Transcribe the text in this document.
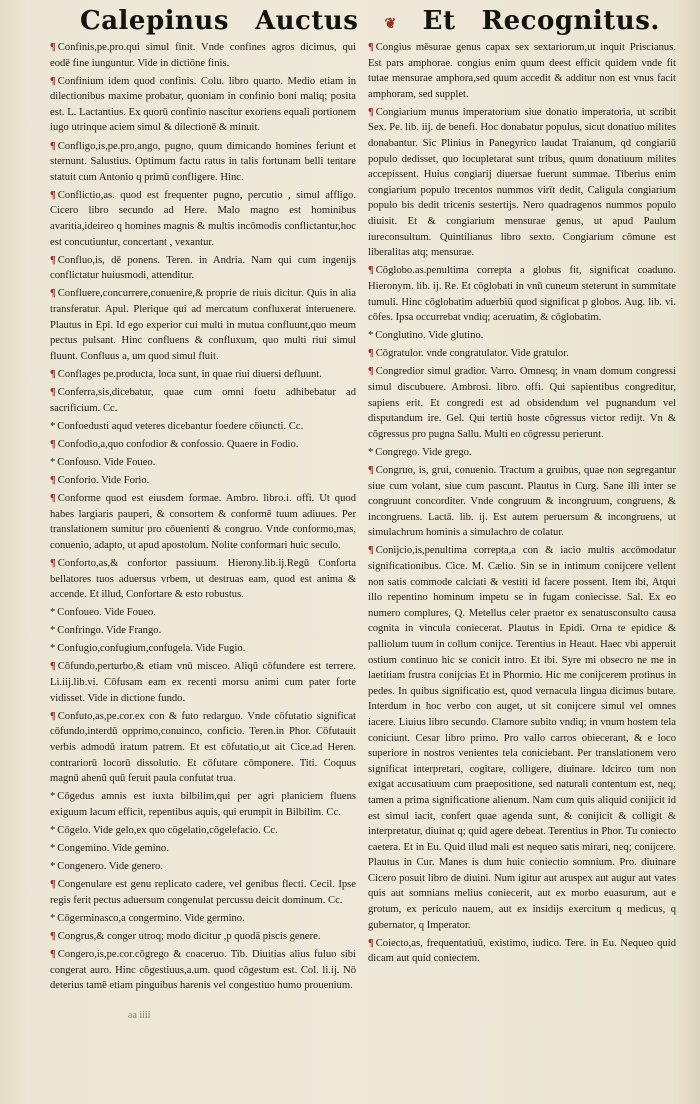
Calepinus Auctus ❦ Et Recognitus.

¶ Confinis,pe.pro.qui simul finit. Vnde confines agros dicimus, qui eodē fine iunguntur. Vide in dictiōne finis.

¶ Confinium idem quod confinis. Colu. libro quarto. Medio etiam in dilectionibus maxime probatur, quoniam in confinio boni maliq; posita est. L. Lactantius. Ex quorū confinio nascitur exoriens equali portionem iugo utrinque aciem simul & dilectionē & minuit.

¶ Confligo,is,pe.pro,ango, pugno, quum dimicando homines feriunt et sternunt. Salustius. Optimum factu ratus in talis fortunam belli tentare statuit cum Antonio q primū confligere. Hinc.

¶ Conflictio,as. quod est frequenter pugno, percutio , simul affligo. Cicero libro secundo ad Here. Malo magno est hominibus avaritia,ideireo q homines magnis & multis incōmodis conflictantur,hoc est concutiuntur, concertant , vexantur.

¶ Confluo,is, dē ponens. Teren. in Andria. Nam qui cum ingenijs conflictatur huiusmodi, attenditur.

¶ Confluere,concurrere,conuenire,& proprie de riuis dicitur. Quis in alia transferatur. Apul. Plerique qui ad mercatum confluxerat interuenere. Plautus in Epi. Id ego experior cui multi in mutua confluunt,quo meum pectus pulsant. Hinc confluens & confluxum, quo multi riui simul fluunt. Confluus a, um quod simul fluit.

¶ Conflages pe.producta, loca sunt, in quae riui diuersi defluunt.

¶ Conferra,sis,dicebatur, quae cum omni foetu adhibebatur ad sacrificium. Cc.

* Confoedusti aqud veteres dicebantur foedere cōiuncti. Cc.

¶ Confodio,a,quo confodior & confossio. Quaere in Fodio.

* Confouso. Vide Foueo.

¶ Conforio. Vide Forio.

¶ Conforme quod est eiusdem formae. Ambro. libro.i. offi. Ut quod habes largiaris pauperi, & consortem & conformē tuum adiuues. Per translationem sumitur pro cōuenienti & congruo. Vnde conformo,mas, conuenio, adapto, ut apud apostolum. Nolite conformari huic seculo.

¶ Conforto,as,& confortor passiuum. Hierony.lib.ij.Regū Conforta bellatores tuos aduersus vrbem, ut destruas eam, quod est anima & accende. Et illud, Confortare & esto robustus.

* Confoueo. Vide Foueo.

* Confringo. Vide Frango.

* Confugio,confugium,confugela. Vide Fugio.

¶ Cōfundo,perturbo,& etiam vnū misceo. Aliqū cōfundere est terrere. Li.iij.lib.vi. Cōfusam eam ex recenti morsu animi cum pater forte vidisset. Vide in dictione fundo.

¶ Confuto,as,pe.cor.ex con & futo redarguo. Vnde cōfutatio significat cōfundo,interdū opprimo,conuinco, conficio. Teren.in Phor. Cōfutauit verbis admodū iratum patrem. Et est cōfutatio,ut ait Cice.ad Heren. contrariorū locorū dissolutio. Et cōfutare cōmponere. Titi. Coquus magnū ahenū quū feruit paula confutat trua.

* Cōgedus amnis est iuxta bilbilim,qui per agri planiciem fluens exiguum lacum efficit, repentibus aquis, qui erumpit in Bilbilim. Cc.

* Cōgelo. Vide gelo,ex quo cōgelatio,cōgelefacio. Cc.

* Congemino. Vide gemino.

* Congenero. Vide genero.

¶ Congenulare est genu replicato cadere, vel genibus flecti. Cecil. Ipse regis ferit pectus aduersum congenulat percussu deicit dominum. Cc.

* Cōgerminasco,a congermino. Vide germino.

¶ Congrus,& conger utroq; modo dicitur ,p quodā piscis genere.

¶ Congero,is,pe.cor.cōgrego & coaceruo. Tib. Diuitias alius fuluo sibi congerat auro. Hinc cōgestiuus,a.um. quod cōgestum est. Col. li.ij. Nō deterius tamē etiam pinguibus harenis vel congestiuo humo prouenium.

¶ Congius mēsurae genus capax sex sextariorum,ut inquit Priscianus. Est pars amphorae. congius enim quum deest efficit quidem vnde fit tutae mensurae amphora,sed quum accedit & additur non est vnus facit amphoram, sed supplet.

¶ Congiarium munus imperatorium siue donatio imperatoria, ut scribit Sex. Pe. lib. iij. de benefi. Hoc donabatur populus, sicut donatiuo milites donabantur. Sic Plinius in Panegyrico laudat Traianum, qd congiariū populo dedisset, quo locupletarat sunt tribus, quum donatiuum milites accepissent. Huius congiarij diuersae fuerunt summae. Tiberius enim congiarium populo trecentos nummos virīt dedit, Caligula congiarium populo bis dedit tricenis sestertijs. Nero quadragenos nummos populo diuisit. Et & congiarium mensurae genus, ut apud Paulum iureconsultum. Quintilianus libro sexto. Congiarium cōmune est liberalitas atq; mensurae.

¶ Cōglobo.as.penultima correpta a globus fit, significat coaduno. Hieronym. lib. ij. Re. Et cōglobati in vnū cuneum steterunt in summitate tumuli. Hinc cōglobatim aduerbiū quod significat p globos. Aug. lib. vi. cōfes. Ipsa occurrebat vndiq; aceruatim, & cōglobatim.

* Conglutino. Vide glutino.

¶ Cōgratulor. vnde congratulator. Vide gratulor.

¶ Congredior simul gradior. Varro. Omnesq; in vnam domum congressi simul discubuere. Ambrosi. libro. offi. Qui sapientibus congreditur, sapiens erit. Et congredi est ad obsidendum vel pugnandum vel disputandum ire. Gel. Qui tertiū hoste cōgressus victor redijt. Vn & cōgressus pro pugna Sallu. Multi eo cōgressu perierunt.

* Congrego. Vide grego.

¶ Congruo, is, grui, conuenio. Tractum a gruibus, quae non segregantur siue cum volant, siue cum pascunt. Plautus in Curg. Sane illi inter se congruunt concorditer. Vnde congruum & incongruum, congruens, & incongruens. Lactā. lib. ij. Est autem peruersum & incongruens, ut simulachrum hominis a simulachro de colatur.

¶ Conijcio,is,penultima correpta,a con & iacio multis accōmodatur significationibus. Cice. M. Cælio. Sin se in intimum conijcere vellent non satis commode calciati & vestiti id facere possent. Item ibi, Atqui illo repentino hominum impetu se in fugam coniecisse. Sal. Ex eo numero complures, Q. Metellus celer praetor ex senatusconsulto causa cognita in vincula coniecerat. Plautus in Epidi. Orna te epidice & palliolum tuum in collum conijce. Terentius in Heaut. Haec vbi apperuit ostium continuo hic se conicit intro. Et ibi. Syre mi obsecro ne me in laetitiam frustra conijcias Et in Phormio. Hic me conijcerem protinus in pedes. In quibus significatio est, quod vernacula lingua dicimus butare. Interdum in hoc verbo con auget, ut sit conijcere simul vel omnes iacere. Liuius libro secundo. Clamore subito vndiq; in vnum hostem tela coniciunt. Cesar libro primo. Pro vallo carros obiecerant, & e loco superiore in nostros venientes tela coniciebant. Per translationem vero significat interpretari, cogitare, colligere, diuinare. Idcirco tum non exigat accusatiuum cum praepositione, sed naturali contentum est, neq; tamen a prima significatione alienum. Nam cum quis aliquid conijicit id est simul iacit, confert quae agenda sunt, & conijicit & colligit & interpretatur, diuinat q; quid agere debeat. Terentius in Phor. Tu coniecto caetera. Et in Eu. Quid illud mali est nequeo satis mirari, neq; conijcere. Plautus in Cur. Manes is dum huic coniectio somnium. Pro. diuinare Cicero posuit libro de diuini. Num igitur aut aruspex aut augur aut vates quis aut somnians melius coniecerit, aut ex morbo euasurum, aut e grotum, ex periculo nauem, aut ex insidijs exercitum q medicus, q gubernator, q Imperator.

¶ Coiecto,as, frequentatiuū, existimo, iudico. Tere. in Eu. Nequeo quid dicam aut quid coniectem.

aa iiii
